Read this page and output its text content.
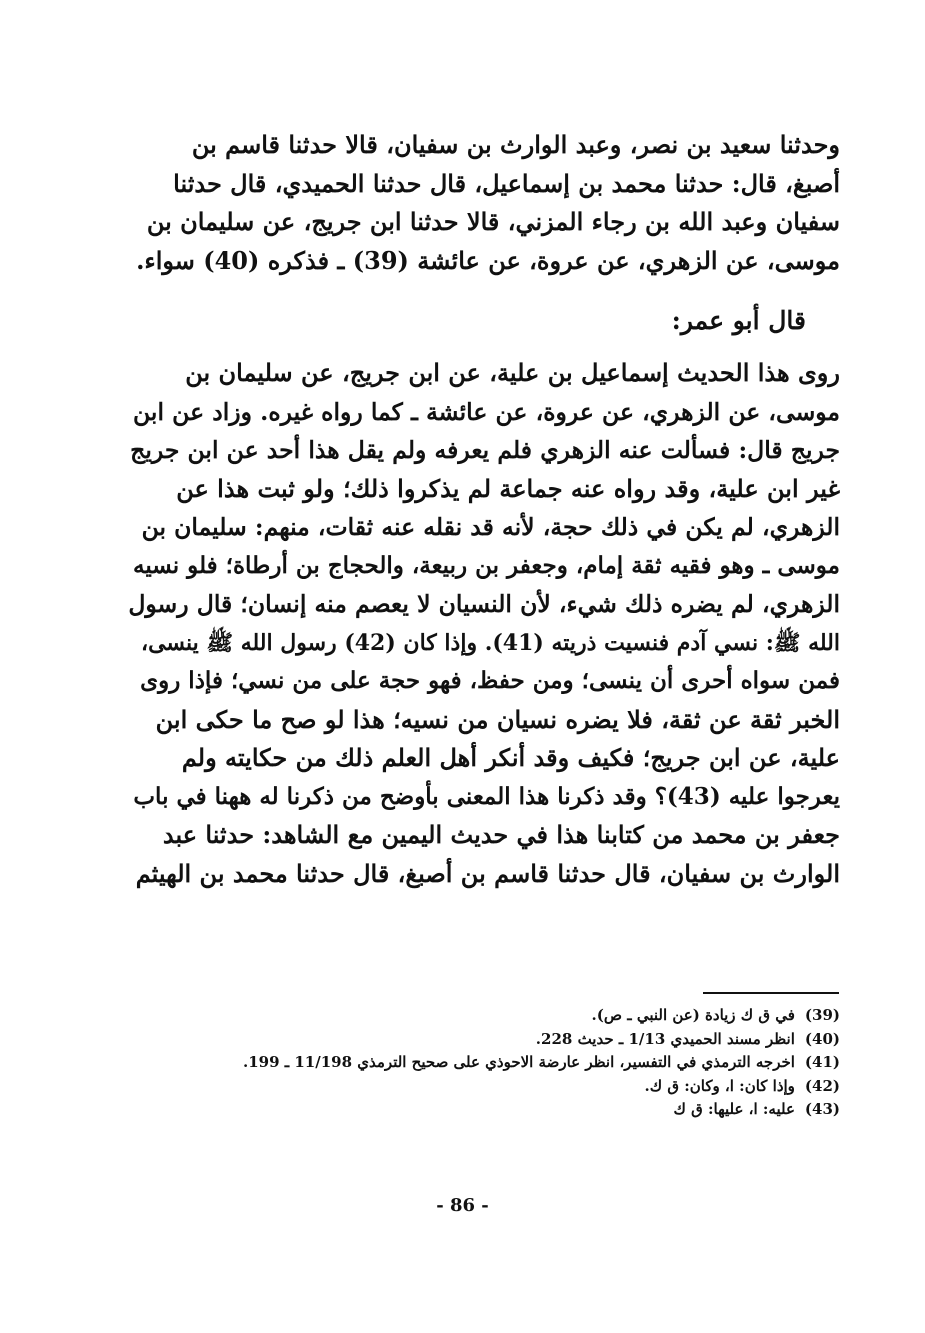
وحدثنا سعيد بن نصر، وعبد الوارث بن سفيان، قالا حدثنا قاسم بن
أصبغ، قال: حدثنا محمد بن إسماعيل، قال حدثنا الحميدي، قال حدثنا
سفيان وعبد الله بن رجاء المزني، قالا حدثنا ابن جريج، عن سليمان بن
موسى، عن الزهري، عن عروة، عن عائشة (39) ـ فذكره (40) سواء.
قال أبو عمر:
روى هذا الحديث إسماعيل بن علية، عن ابن جريج، عن سليمان بن
موسى، عن الزهري، عن عروة، عن عائشة ـ كما رواه غيره. وزاد عن ابن
جريج قال: فسألت عنه الزهري فلم يعرفه ولم يقل هذا أحد عن ابن جريج
غير ابن علية، وقد رواه عنه جماعة لم يذكروا ذلك؛ ولو ثبت هذا عن
الزهري، لم يكن في ذلك حجة، لأنه قد نقله عنه ثقات، منهم: سليمان بن
موسى ـ وهو فقيه ثقة إمام، وجعفر بن ربيعة، والحجاج بن أرطاة؛ فلو نسيه
الزهري، لم يضره ذلك شيء، لأن النسيان لا يعصم منه إنسان؛ قال رسول
الله ﷺ: نسي آدم فنسيت ذريته (41). وإذا كان (42) رسول الله ﷺ ينسى،
فمن سواه أحرى أن ينسى؛ ومن حفظ، فهو حجة على من نسي؛ فإذا روى
الخبر ثقة عن ثقة، فلا يضره نسيان من نسيه؛ هذا لو صح ما حكى ابن
علية، عن ابن جريج؛ فكيف وقد أنكر أهل العلم ذلك من حكايته ولم
يعرجوا عليه (43)؟ وقد ذكرنا هذا المعنى بأوضح من ذكرنا له ههنا في باب
جعفر بن محمد من كتابنا هذا في حديث اليمين مع الشاهد: حدثنا عبد
الوارث بن سفيان، قال حدثنا قاسم بن أصبغ، قال حدثنا محمد بن الهيثم
(39)في ق ك زيادة (عن النبي ـ ص).
(40)انظر مسند الحميدي 1/13 ـ حديث 228.
(41)اخرجه الترمذي في التفسير، انظر عارضة الاحوذي على صحيح الترمذي 11/198 ـ 199.
(42)وإذا كان: ا، وكان: ق ك.
(43)عليه: ا، عليها: ق ك
- 86 -
